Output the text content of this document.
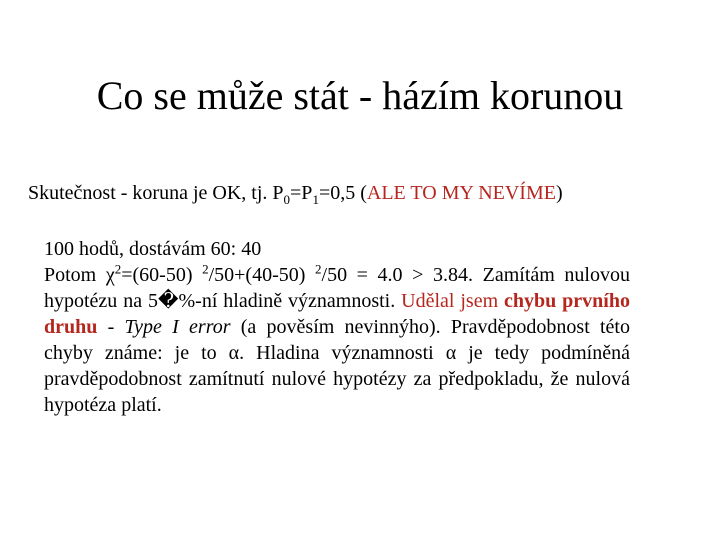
Co se může stát - házím korunou
Skutečnost - koruna je OK, tj. $P_0=P_1=0,5$ (ALE TO MY NEVÍME)

100 hodů, dostávám 60: 40

Potom $\chi^2=(60-50)$ $^2$/50+(40-50) $^2$/50 = 4.0 > 3.84. Zamítám nulovou hypotézu na 5�%-ní hladině významnosti. Udělal jsem chybu prvního druhu - Type I error (a pověsím nevinnýho). Pravděpodobnost této chyby známe: je to α. Hladina významnosti α je tedy podmíněná pravděpodobnost zamítnutí nulové hypotézy za předpokladu, že nulová hypotéza platí.
